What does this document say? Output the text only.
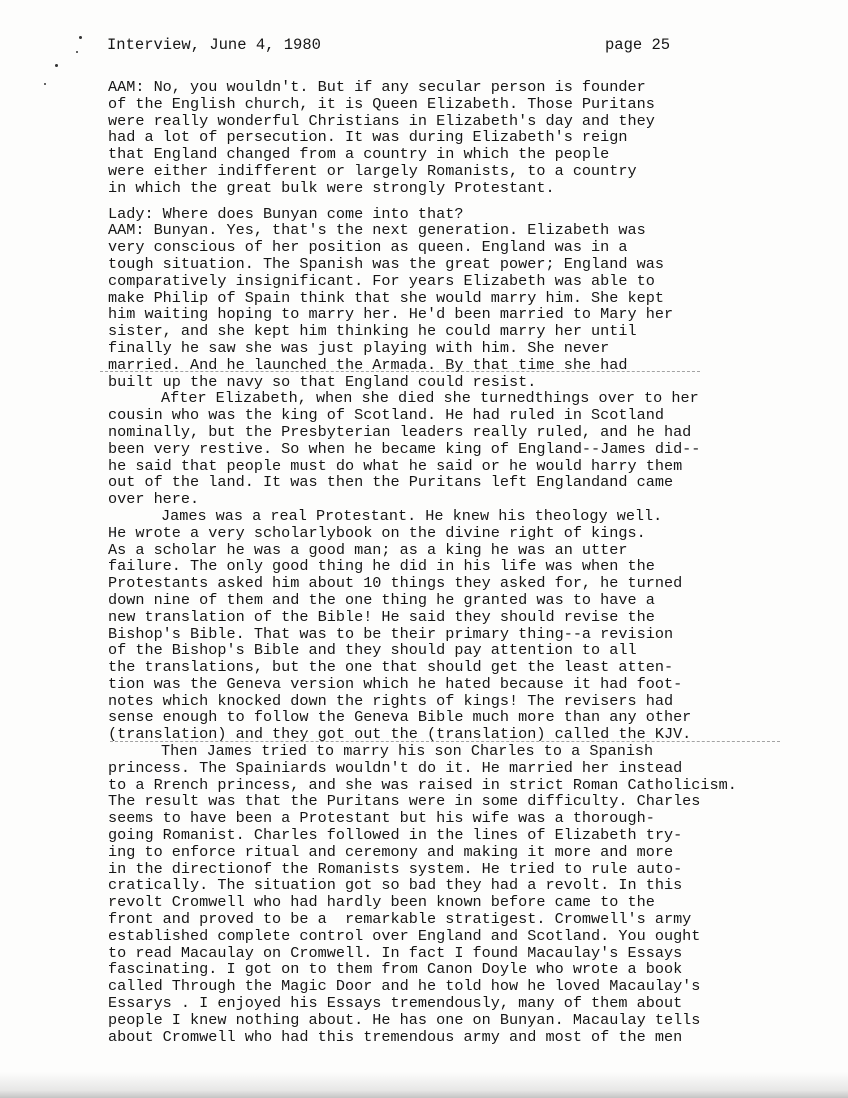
Interview, June 4, 1980	page 25
AAM: No, you wouldn't. But if any secular person is founder
of the English church, it is Queen Elizabeth. Those Puritans
were really wonderful Christians in Elizabeth's day and they
had a lot of persecution. It was during Elizabeth's reign
that England changed from a country in which the people
were either indifferent or largely Romanists, to a country
in which the great bulk were strongly Protestant.
Lady: Where does Bunyan come into that?
AAM: Bunyan. Yes, that's the next generation. Elizabeth was
very conscious of her position as queen. England was in a
tough situation. The Spanish was the great power; England was
comparatively insignificant. For years Elizabeth was able to
make Philip of Spain think that she would marry him. She kept
him waiting hoping to marry her. He'd been married to Mary her
sister, and she kept him thinking he could marry her until
finally he saw she was just playing with him. She never
married. And he launched the Armada. By that time she had
built up the navy so that England could resist.
After Elizabeth, when she died she turnedthings over to her
cousin who was the king of Scotland. He had ruled in Scotland
nominally, but the Presbyterian leaders really ruled, and he had
been very restive. So when he became king of England--James did--
he said that people must do what he said or he would harry them
out of the land. It was then the Puritans left Englandand came
over here.
James was a real Protestant. He knew his theology well.
He wrote a very scholarlybook on the divine right of kings.
As a scholar he was a good man; as a king he was an utter
failure. The only good thing he did in his life was when the
Protestants asked him about 10 things they asked for, he turned
down nine of them and the one thing he granted was to have a
new translation of the Bible! He said they should revise the
Bishop's Bible. That was to be their primary thing--a revision
of the Bishop's Bible and they should pay attention to all
the translations, but the one that should get the least atten-
tion was the Geneva version which he hated because it had foot-
notes which knocked down the rights of kings! The revisers had
sense enough to follow the Geneva Bible much more than any other
(translation) and they got out the (translation) called the KJV.
Then James tried to marry his son Charles to a Spanish
princess. The Spainiards wouldn't do it. He married her instead
to a Rrench princess, and she was raised in strict Roman Catholicism.
The result was that the Puritans were in some difficulty. Charles
seems to have been a Protestant but his wife was a thorough-
going Romanist. Charles followed in the lines of Elizabeth try-
ing to enforce ritual and ceremony and making it more and more
in the directionof the Romanists system. He tried to rule auto-
cratically. The situation got so bad they had a revolt. In this
revolt Cromwell who had hardly been known before came to the
front and proved to be a  remarkable stratigest. Cromwell's army
established complete control over England and Scotland. You ought
to read Macaulay on Cromwell. In fact I found Macaulay's Essays
fascinating. I got on to them from Canon Doyle who wrote a book
called Through the Magic Door and he told how he loved Macaulay's
Essarys . I enjoyed his Essays tremendously, many of them about
people I knew nothing about. He has one on Bunyan. Macaulay tells
about Cromwell who had this tremendous army and most of the men
